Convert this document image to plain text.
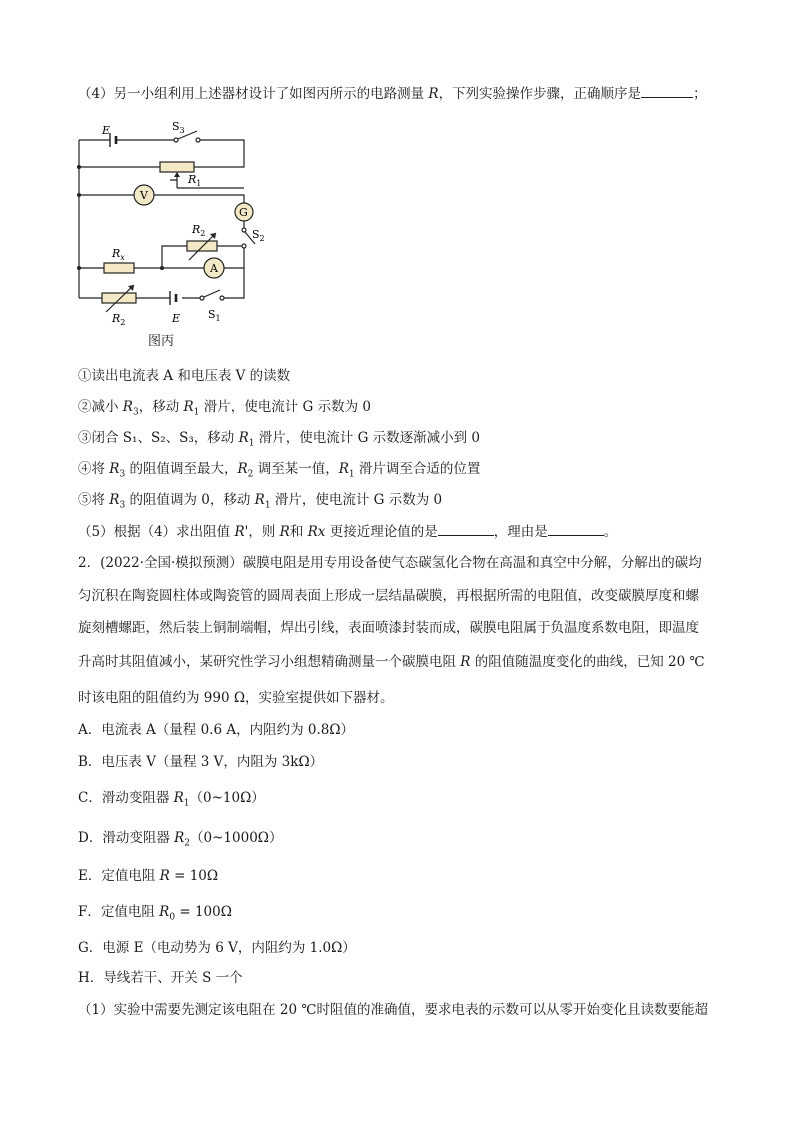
（4）另一小组利用上述器材设计了如图丙所示的电路测量 R，下列实验操作步骤，正确顺序是	；
E	$S_3$
$R_1$
V
G
$S_2$
$R_2$
$R_x$
A
$R_2$	E	$S_1$
图丙
①读出电流表 A 和电压表 V 的读数
②减小 $R_3$，移动 $R_1$ 滑片，使电流计 G 示数为 0
③闭合 S₁、S₂、S₃，移动 $R_1$ 滑片，使电流计 G 示数逐渐减小到 0
④将 $R_3$ 的阻值调至最大，$R_2$ 调至某一值，$R_1$ 滑片调至合适的位置
⑤将 $R_3$ 的阻值调为 0，移动 $R_1$ 滑片，使电流计 G 示数为 0
（5）根据（4）求出阻值 R'，则 R和 Rx 更接近理论值的是	，理由是	。
2．(2022·全国·模拟预测）碳膜电阻是用专用设备使气态碳氢化合物在高温和真空中分解，分解出的碳均
匀沉积在陶瓷圆柱体或陶瓷管的圆周表面上形成一层结晶碳膜，再根据所需的电阻值，改变碳膜厚度和螺
旋刻槽螺距，然后装上铜制端帽，焊出引线，表面喷漆封装而成，碳膜电阻属于负温度系数电阻，即温度
升高时其阻值减小，某研究性学习小组想精确测量一个碳膜电阻 R 的阻值随温度变化的曲线，已知 20 ℃
时该电阻的阻值约为 990 Ω，实验室提供如下器材。
A．电流表 A（量程 0.6 A，内阻约为 0.8Ω）
B．电压表 V（量程 3 V，内阻为 3kΩ）
C．滑动变阻器 $R_1(0\sim 10\Omega)$
D．滑动变阻器 $R_2(0\sim 1000\Omega)$
E．定值电阻 R = 10Ω
F．定值电阻 $R_0 = 100\Omega$
G．电源 E（电动势为 6 V，内阻约为 1.0Ω）
H．导线若干、开关 S 一个
（1）实验中需要先测定该电阻在 20 ℃时阻值的准确值，要求电表的示数可以从零开始变化且读数要能超
